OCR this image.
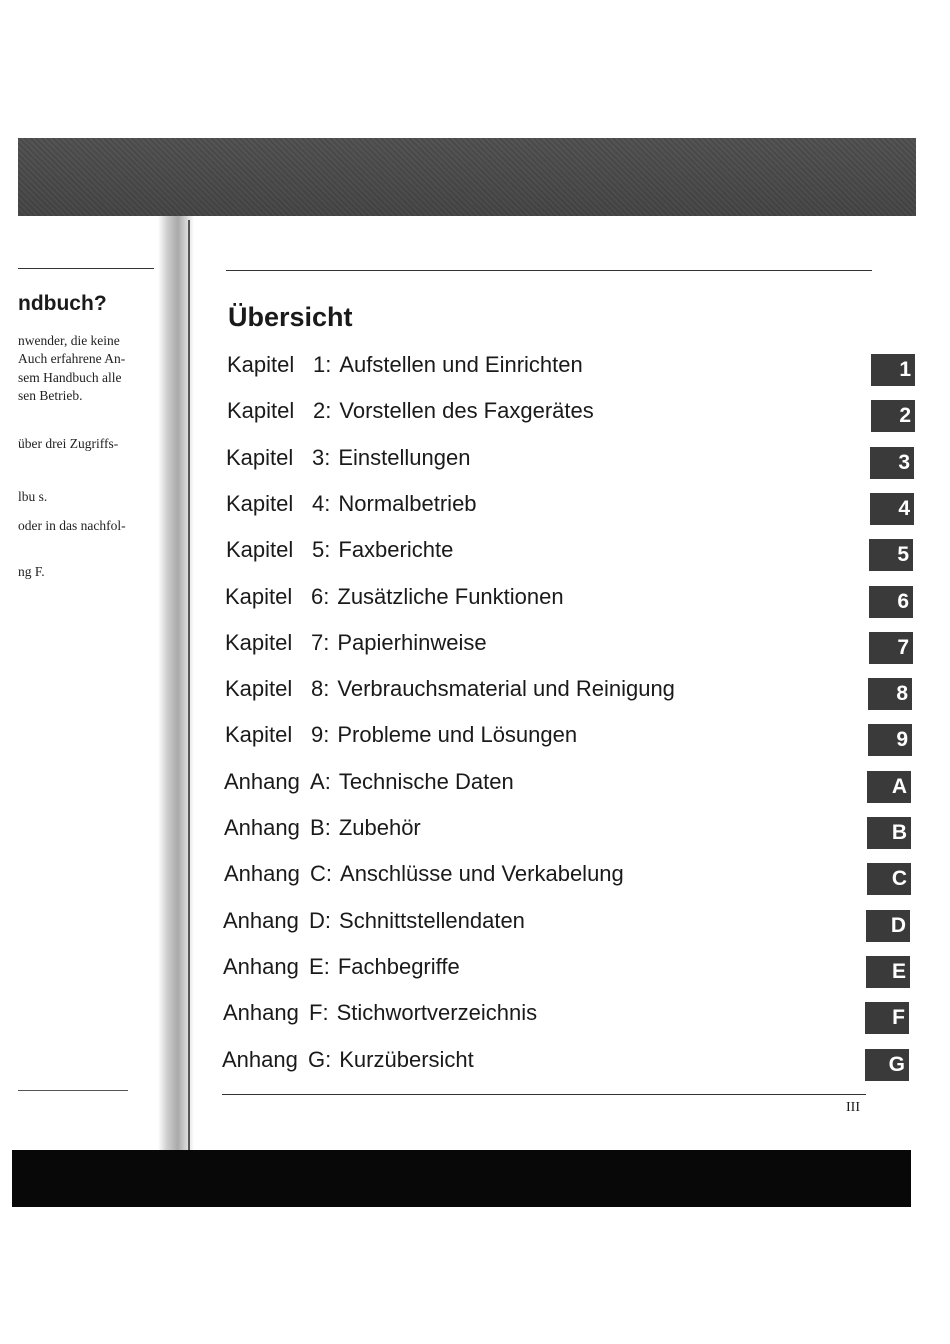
ndbuch?
nwender, die keine
Auch erfahrene An-
sem Handbuch alle
sen Betrieb.
über drei Zugriffs-
lbu s.
oder in das nachfol-
ng F.
Übersicht
Kapitel 1: Aufstellen und Einrichten	1
Kapitel 2: Vorstellen des Faxgerätes	2
Kapitel 3: Einstellungen	3
Kapitel 4: Normalbetrieb	4
Kapitel 5: Faxberichte	5
Kapitel 6: Zusätzliche Funktionen	6
Kapitel 7: Papierhinweise	7
Kapitel 8: Verbrauchsmaterial und Reinigung	8
Kapitel 9: Probleme und Lösungen	9
Anhang A: Technische Daten	A
Anhang B: Zubehör	B
Anhang C: Anschlüsse und Verkabelung	C
Anhang D: Schnittstellendaten	D
Anhang E: Fachbegriffe	E
Anhang F: Stichwortverzeichnis	F
Anhang G: Kurzübersicht	G
III
